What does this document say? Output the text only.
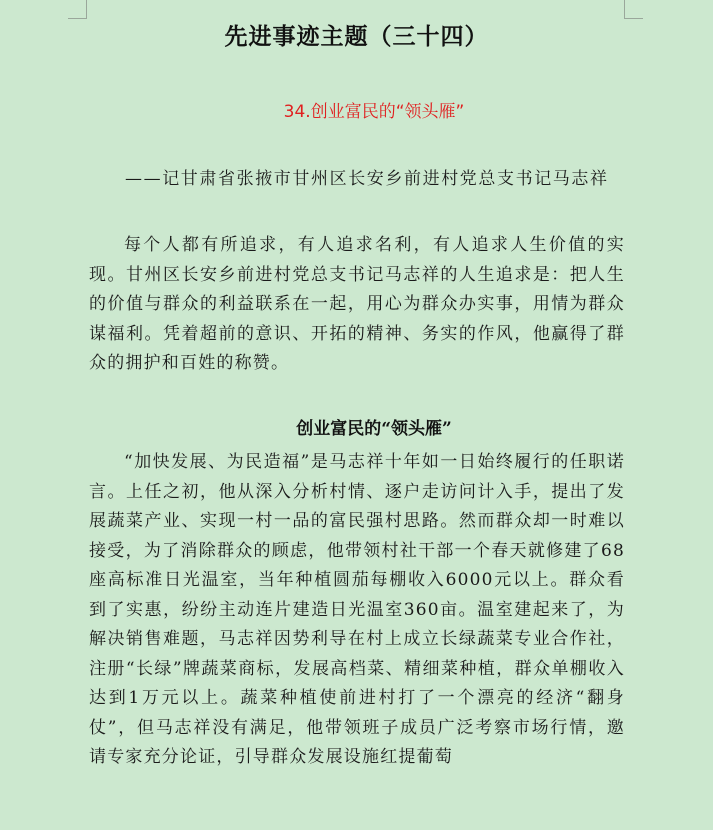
先进事迹主题（三十四）
34.创业富民的“领头雁”
——记甘肃省张掖市甘州区长安乡前进村党总支书记马志祥
每个人都有所追求，有人追求名利，有人追求人生价值的实现。甘州区长安乡前进村党总支书记马志祥的人生追求是：把人生的价值与群众的利益联系在一起，用心为群众办实事，用情为群众谋福利。凭着超前的意识、开拓的精神、务实的作风，他赢得了群众的拥护和百姓的称赞。
创业富民的“领头雁”
“加快发展、为民造福”是马志祥十年如一日始终履行的任职诺言。上任之初，他从深入分析村情、逐户走访问计入手，提出了发展蔬菜产业、实现一村一品的富民强村思路。然而群众却一时难以接受，为了消除群众的顾虑，他带领村社干部一个春天就修建了68座高标准日光温室，当年种植圆茄每棚收入6000元以上。群众看到了实惠，纷纷主动连片建造日光温室360亩。温室建起来了，为解决销售难题，马志祥因势利导在村上成立长绿蔬菜专业合作社，注册“长绿”牌蔬菜商标，发展高档菜、精细菜种植，群众单棚收入达到1万元以上。蔬菜种植使前进村打了一个漂亮的经济“翻身仗”，但马志祥没有满足，他带领班子成员广泛考察市场行情，邀请专家充分论证，引导群众发展设施红提葡萄
